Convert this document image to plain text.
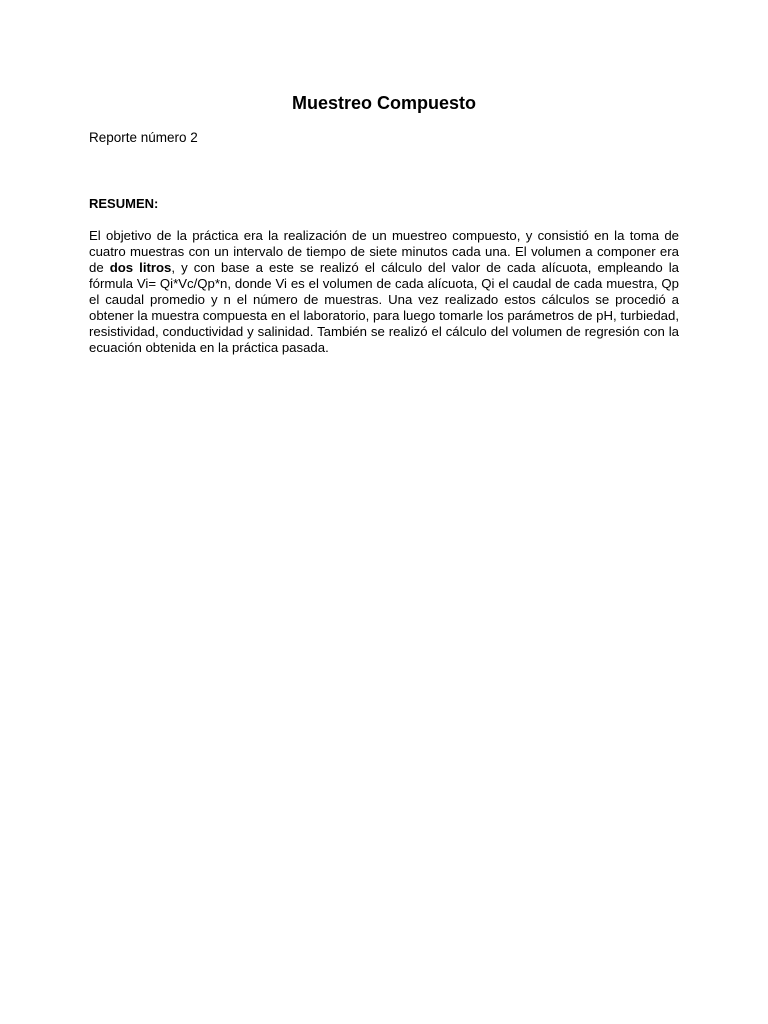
Muestreo Compuesto

Reporte número 2

RESUMEN:

El objetivo de la práctica era la realización de un muestreo compuesto, y consistió en la toma de cuatro muestras con un intervalo de tiempo de siete minutos cada una. El volumen a componer era de dos litros, y con base a este se realizó el cálculo del valor de cada alícuota, empleando la fórmula Vi= Qi*Vc/Qp*n, donde Vi es el volumen de cada alícuota, Qi el caudal de cada muestra, Qp el caudal promedio y n el número de muestras. Una vez realizado estos cálculos se procedió a obtener la muestra compuesta en el laboratorio, para luego tomarle los parámetros de pH, turbiedad, resistividad, conductividad y salinidad. También se realizó el cálculo del volumen de regresión con la ecuación obtenida en la práctica pasada.
